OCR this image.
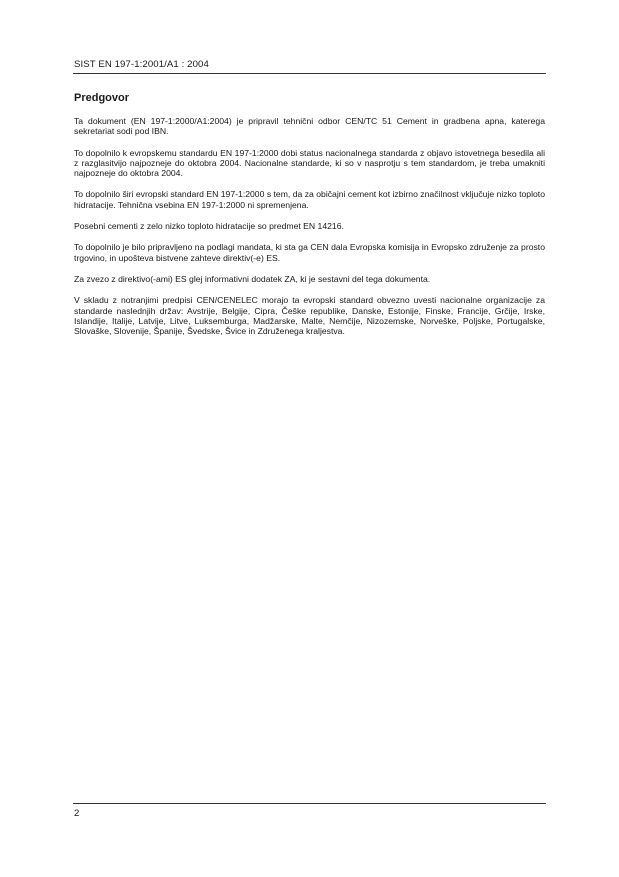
SIST EN 197-1:2001/A1 : 2004
Predgovor

Ta dokument (EN 197-1:2000/A1:2004) je pripravil tehnični odbor CEN/TC 51 Cement in gradbena apna, katerega sekretariat sodi pod IBN.

To dopolnilo k evropskemu standardu EN 197-1:2000 dobi status nacionalnega standarda z objavo istovetnega besedila ali z razglasitvijo najpozneje do oktobra 2004. Nacionalne standarde, ki so v nasprotju s tem standardom, je treba umakniti najpozneje do oktobra 2004.

To dopolnilo širi evropski standard EN 197-1:2000 s tem, da za običajni cement kot izbirno značilnost vključuje nizko toploto hidratacije. Tehnična vsebina EN 197-1:2000 ni spremenjena.

Posebni cementi z zelo nizko toploto hidratacije so predmet EN 14216.

To dopolnilo je bilo pripravljeno na podlagi mandata, ki sta ga CEN dala Evropska komisija in Evropsko združenje za prosto trgovino, in upošteva bistvene zahteve direktiv(-e) ES.

Za zvezo z direktivo(-ami) ES glej informativni dodatek ZA, ki je sestavni del tega dokumenta.

V skladu z notranjimi predpisi CEN/CENELEC morajo ta evropski standard obvezno uvesti nacionalne organizacije za standarde naslednjih držav: Avstrije, Belgije, Cipra, Češke republike, Danske, Estonije, Finske, Francije, Grčije, Irske, Islandije, Italije, Latvije, Litve, Luksemburga, Madžarske, Malte, Nemčije, Nizozemske, Norveške, Poljske, Portugalske, Slovaške, Slovenije, Španije, Švedske, Švice in Združenega kraljestva.

2
